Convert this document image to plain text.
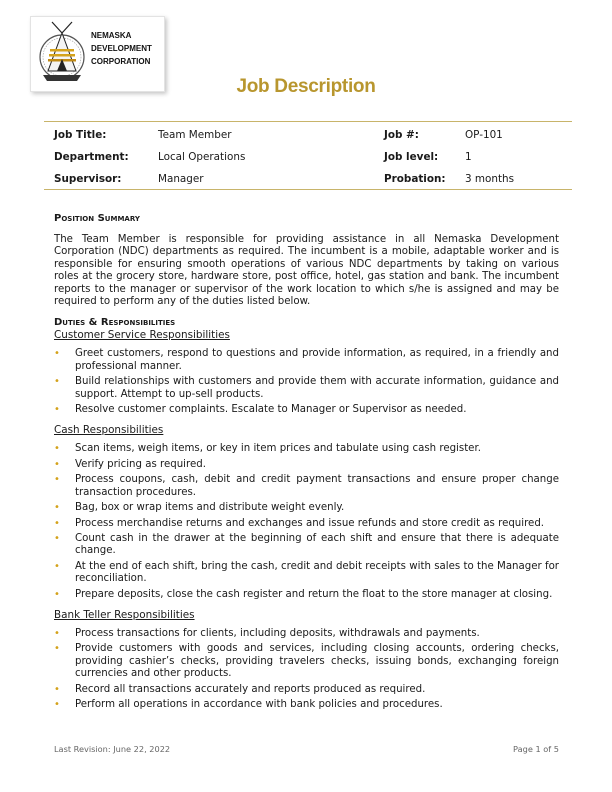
NEMASKA
DEVELOPMENT
CORPORATION
Job Description
Job Title:	Team Member	Job #:	OP-101
Department:	Local Operations	Job level:	1
Supervisor:	Manager	Probation: 3 months
Position Summary

The Team Member is responsible for providing assistance in all Nemaska Development Corporation (NDC) departments as required. The incumbent is a mobile, adaptable worker and is responsible for ensuring smooth operations of various NDC departments by taking on various roles at the grocery store, hardware store, post office, hotel, gas station and bank. The incumbent reports to the manager or supervisor of the work location to which s/he is assigned and may be required to perform any of the duties listed below.

Duties & Responsibilities
Customer Service Responsibilities
• Greet customers, respond to questions and provide information, as required, in a friendly and professional manner.
• Build relationships with customers and provide them with accurate information, guidance and support. Attempt to up-sell products.
• Resolve customer complaints. Escalate to Manager or Supervisor as needed.
Cash Responsibilities
• Scan items, weigh items, or key in item prices and tabulate using cash register.
• Verify pricing as required.
• Process coupons, cash, debit and credit payment transactions and ensure proper change transaction procedures.
• Bag, box or wrap items and distribute weight evenly.
• Process merchandise returns and exchanges and issue refunds and store credit as required.
• Count cash in the drawer at the beginning of each shift and ensure that there is adequate change.
• At the end of each shift, bring the cash, credit and debit receipts with sales to the Manager for reconciliation.
• Prepare deposits, close the cash register and return the float to the store manager at closing.
Bank Teller Responsibilities
• Process transactions for clients, including deposits, withdrawals and payments.
• Provide customers with goods and services, including closing accounts, ordering checks, providing cashier’s checks, providing travelers checks, issuing bonds, exchanging foreign currencies and other products.
• Record all transactions accurately and reports produced as required.
• Perform all operations in accordance with bank policies and procedures.
Last Revision: June 22, 2022	Page 1 of 5
